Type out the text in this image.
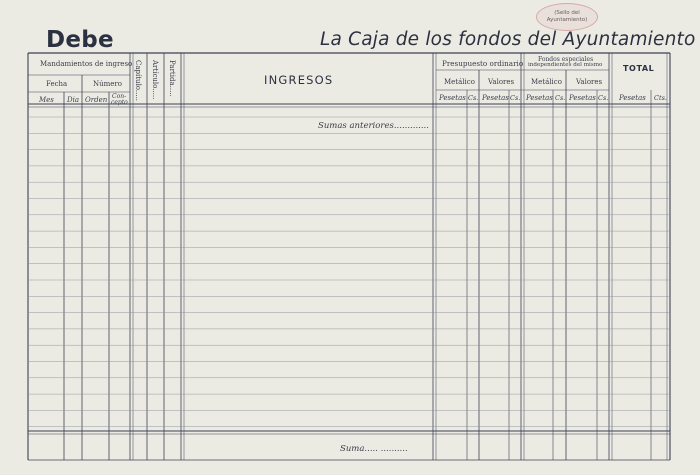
(Sello del
Ayuntamiento)
Debe	La Caja de los fondos del Ayuntamiento
Mandamientos de ingreso
Fecha	Número
Mes Dia Orden Con-
cepto
Capítulo..... Artículo..... Partida.....	INGRESOS
Presupuesto ordinario
Metálico Valores
Pesetas Cs. Pesetas Cs.
Fondos especiales
independientes del mismo
Metálico Valores
Pesetas Cs. Pesetas Cs.
TOTAL
Pesetas Cts.
Sumas anteriores.............
Suma..... ..........
